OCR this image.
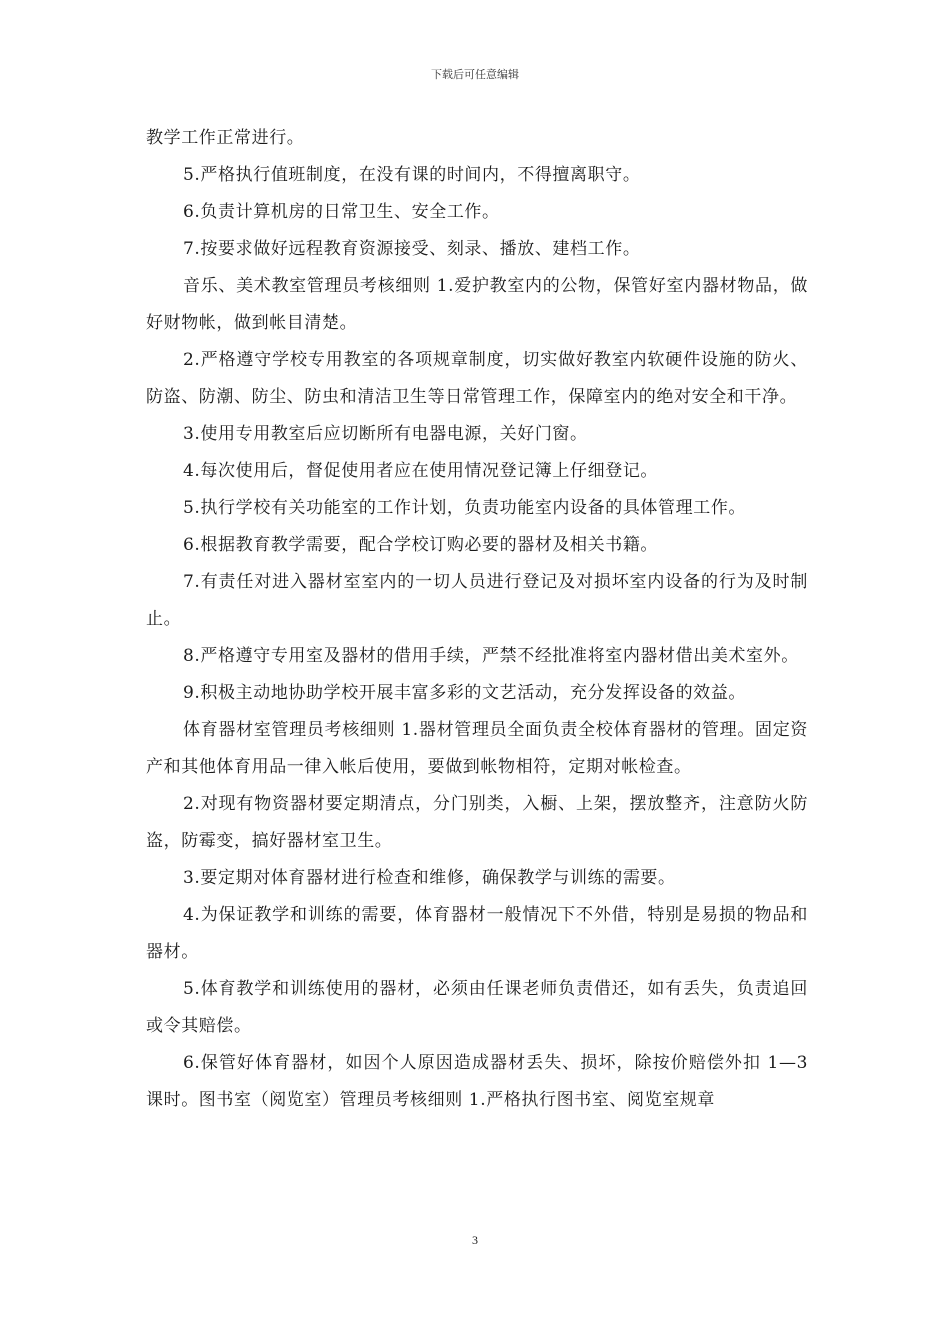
下载后可任意编辑

教学工作正常进行。

5.严格执行值班制度，在没有课的时间内，不得擅离职守。

6.负责计算机房的日常卫生、安全工作。

7.按要求做好远程教育资源接受、刻录、播放、建档工作。

音乐、美术教室管理员考核细则 1.爱护教室内的公物，保管好室内器材物品，做好财物帐，做到帐目清楚。

2.严格遵守学校专用教室的各项规章制度，切实做好教室内软硬件设施的防火、防盗、防潮、防尘、防虫和清洁卫生等日常管理工作，保障室内的绝对安全和干净。

3.使用专用教室后应切断所有电器电源，关好门窗。

4.每次使用后，督促使用者应在使用情况登记簿上仔细登记。

5.执行学校有关功能室的工作计划，负责功能室内设备的具体管理工作。

6.根据教育教学需要，配合学校订购必要的器材及相关书籍。

7.有责任对进入器材室室内的一切人员进行登记及对损坏室内设备的行为及时制止。

8.严格遵守专用室及器材的借用手续，严禁不经批准将室内器材借出美术室外。

9.积极主动地协助学校开展丰富多彩的文艺活动，充分发挥设备的效益。

体育器材室管理员考核细则 1.器材管理员全面负责全校体育器材的管理。固定资产和其他体育用品一律入帐后使用，要做到帐物相符，定期对帐检查。

2.对现有物资器材要定期清点，分门别类，入橱、上架，摆放整齐，注意防火防盗，防霉变，搞好器材室卫生。

3.要定期对体育器材进行检查和维修，确保教学与训练的需要。

4.为保证教学和训练的需要，体育器材一般情况下不外借，特别是易损的物品和器材。

5.体育教学和训练使用的器材，必须由任课老师负责借还，如有丢失，负责追回或令其赔偿。

6.保管好体育器材，如因个人原因造成器材丢失、损坏，除按价赔偿外扣 1—3 课时。图书室（阅览室）管理员考核细则 1.严格执行图书室、阅览室规章

3
